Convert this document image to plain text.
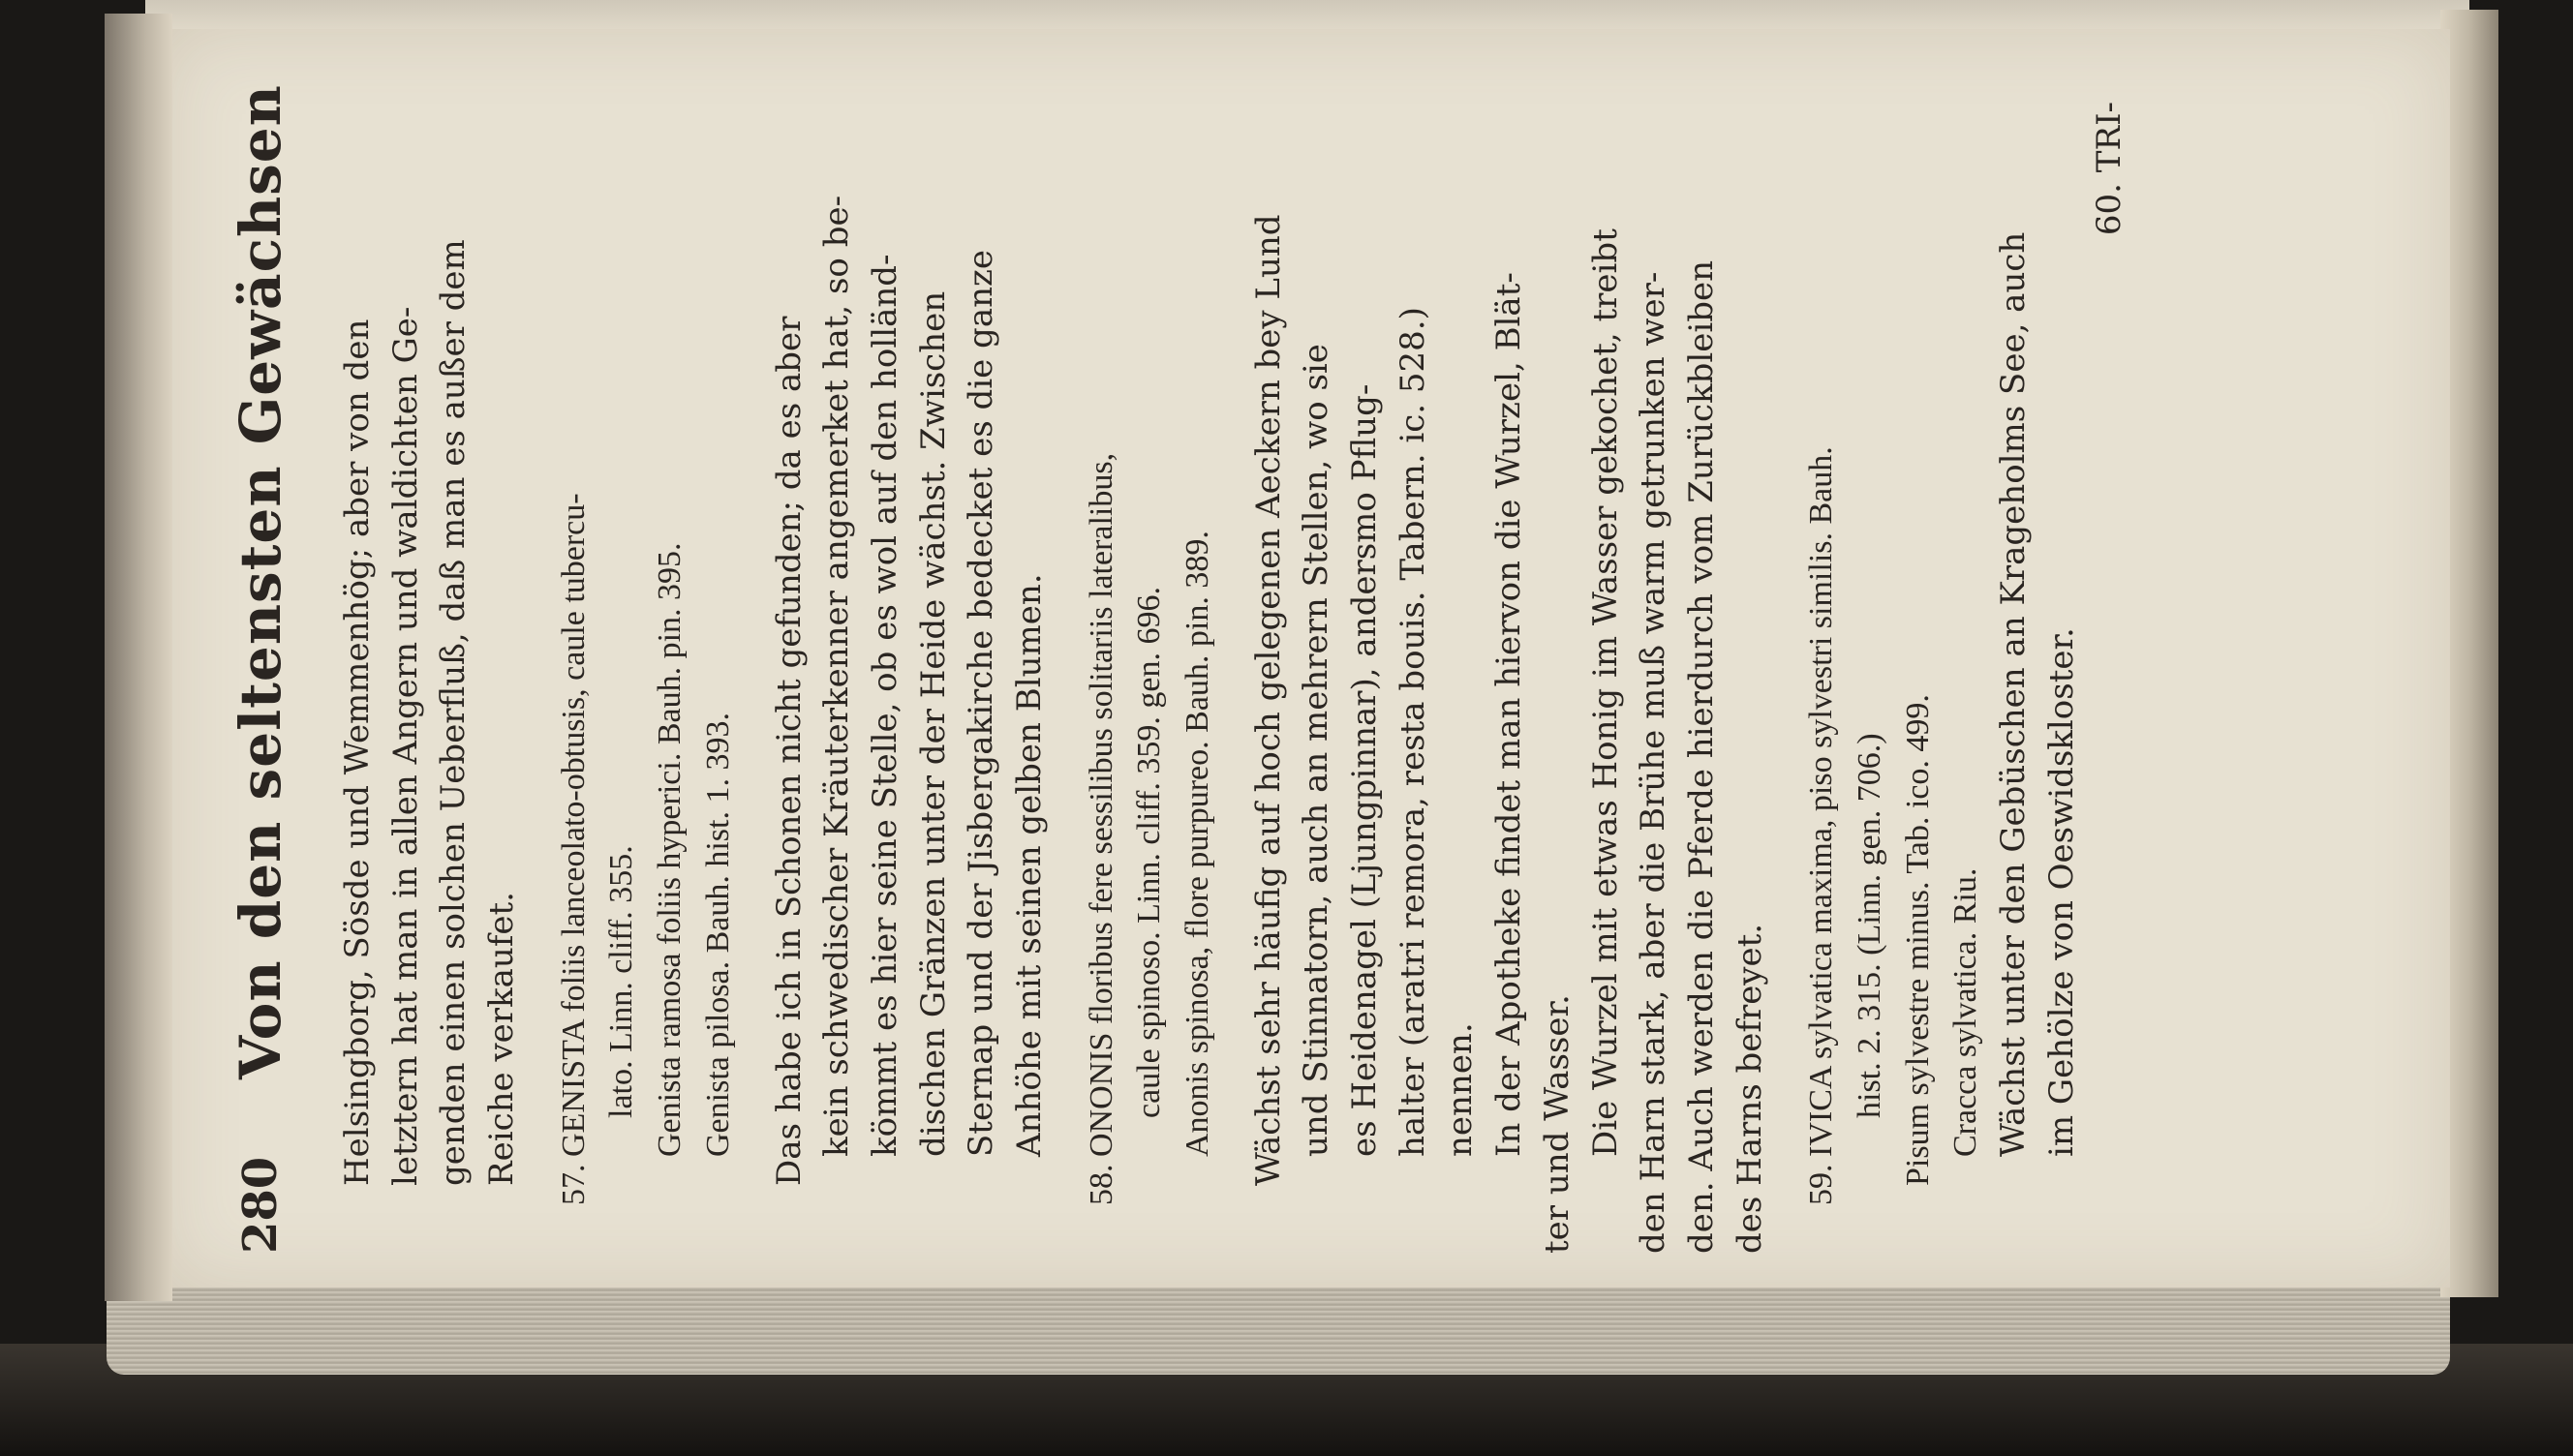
280
Von den seltensten Gewächsen Helsingborg, Sösde und Wemmenhög; aber von den letztern hat man in allen Angern und waldichten Ge- genden einen solchen Ueberfluß, daß man es außer dem Reiche verkaufet. 57.GENISTA foliis lanceolato-obtusis, caule tubercu- lato. Linn. cliff. 355. Genista ramosa foliis hyperici. Bauh. pin. 395. Genista pilosa. Bauh. hist. 1. 393. Das habe ich in Schonen nicht gefunden; da es aber kein schwedischer Kräuterkenner angemerket hat, so be- kömmt es hier seine Stelle, ob es wol auf den holländ- dischen Gränzen unter der Heide wächst. Zwischen Sternap und der Jisbergakirche bedecket es die ganze Anhöhe mit seinen gelben Blumen.
58.ONONIS floribus fere sessilibus solitariis lateralibus, caule spinoso. Linn. cliff. 359. gen. 696. Anonis spinosa, flore purpureo. Bauh. pin. 389. Wächst sehr häufig auf hoch gelegenen Aeckern bey Lund und Stinnatorn, auch an mehrern Stellen, wo sie es Heidenagel (Ljungpinnar), andersmo Pflug- halter (aratri remora, resta bouis. Tabern. ic. 528.) nennen. In der Apotheke findet man hiervon die Wurzel, Blät- ter und Wasser. Die Wurzel mit etwas Honig im Wasser gekochet, treibt den Harn stark, aber die Brühe muß warm getrunken wer- den. Auch werden die Pferde hierdurch vom Zurückbleiben des Harns befreyet. 59.IVICA sylvatica maxima, piso sylvestri similis. Bauh. hist. 2. 315. (Linn. gen. 706.) Pisum sylvestre minus. Tab. ico. 499. Cracca sylvatica. Riu. Wächst unter den Gebüschen an Krageholms See, auch im Gehölze von Oeswidskloster.
60. TRI-
